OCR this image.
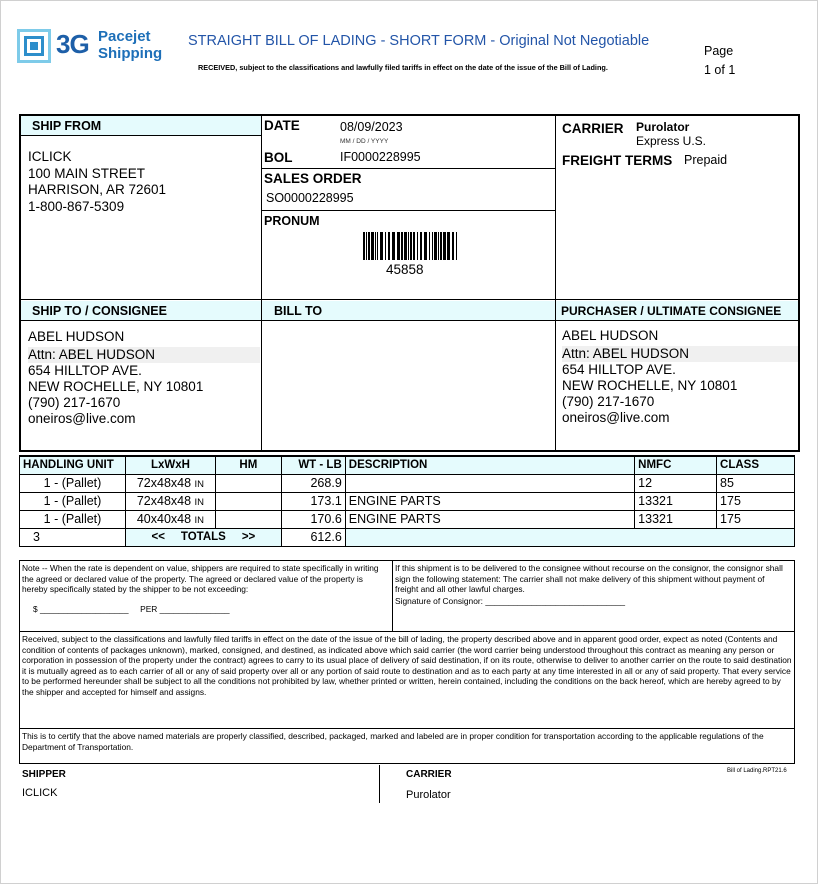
3G Pacejet
Shipping
STRAIGHT BILL OF LADING - SHORT FORM - Original Not Negotiable
RECEIVED, subject to the classifications and lawfully filed tariffs in effect on the date of the issue of the Bill of Lading.
Page
1 of 1
SHIP FROM
ICLICK
100 MAIN STREET
HARRISON, AR 72601
1-800-867-5309
DATE	08/09/2023
MM / DD / YYYY
BOL	IF0000228995
SALES ORDER
SO0000228995
PRONUM
45858
CARRIER Purolator
Express U.S.
FREIGHT TERMS Prepaid
SHIP TO / CONSIGNEE
ABEL HUDSON
Attn: ABEL HUDSON
654 HILLTOP AVE.
NEW ROCHELLE, NY 10801
(790) 217-1670
oneiros@live.com
BILL TO	PURCHASER / ULTIMATE CONSIGNEE
ABEL HUDSON
Attn: ABEL HUDSON
654 HILLTOP AVE.
NEW ROCHELLE, NY 10801
(790) 217-1670
oneiros@live.com
HANDLING UNIT	LxWxH	HM	WT - LB	DESCRIPTION	NMFC	CLASS
1 - (Pallet)	72x48x48 IN		268.9		12	85
1 - (Pallet)	72x48x48 IN		173.1	ENGINE PARTS	13321	175
1 - (Pallet)	40x40x48 IN		170.6	ENGINE PARTS	13321	175
3	<<     TOTALS     >>		612.6			
Note -- When the rate is dependent on value, shippers are required to state specifically in writing the agreed or declared value of the property. The agreed or declared value of the property is hereby specifically stated by the shipper to be not exceeding:
$ ___________________     PER _______________
If this shipment is to be delivered to the consignee without recourse on the consignor, the consignor shall sign the following statement: The carrier shall not make delivery of this shipment without payment of freight and all other lawful charges.
Signature of Consignor: ______________________________
Received, subject to the classifications and lawfully filed tariffs in effect on the date of the issue of the bill of lading, the property described above and in apparent good order, expect as noted (Contents and condition of contents of packages unknown), marked, consigned, and destined, as indicated above which said carrier (the word carrier being understood throughout this contract as meaning any person or corporation in possession of the property under the contract) agrees to carry to its usual place of delivery of said destination, if on its route, otherwise to deliver to another carrier on the route to said destination it is mutually agreed as to each carrier of all or any of said property over all or any portion of said route to destination and as to each party at any time interested in all or any of said property. That every service to be performed hereunder shall be subject to all the conditions not prohibited by law, whether printed or written, herein contained, including the conditions on the back hereof, which are hereby agreed to by the shipper and accepted for himself and assigns.
This is to certify that the above named materials are properly classified, described, packaged, marked and labeled are in proper condition for transportation according to the applicable regulations of the Department of Transportation.
SHIPPER
ICLICK
CARRIER
Purolator
Bill of Lading.RPT21.6
